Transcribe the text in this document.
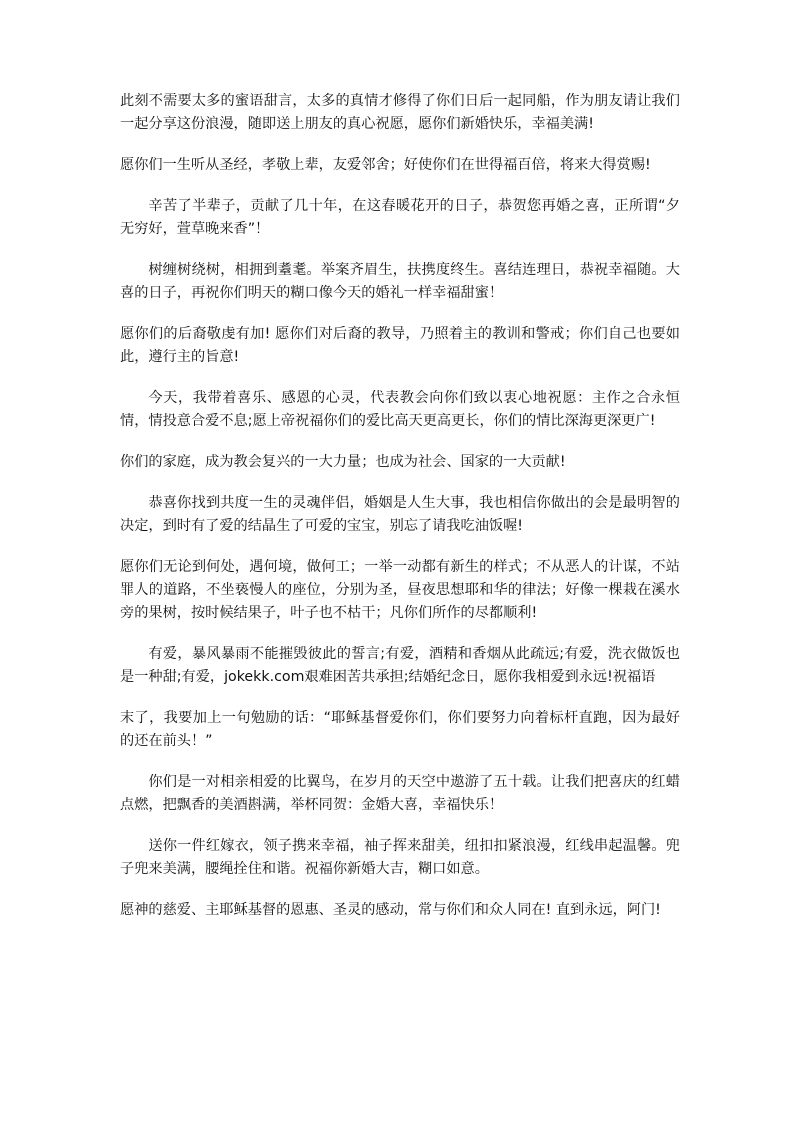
此刻不需要太多的蜜语甜言，太多的真情才修得了你们日后一起同船，作为朋友请让我们一起分享这份浪漫，随即送上朋友的真心祝愿，愿你们新婚快乐，幸福美满!

愿你们一生听从圣经，孝敬上辈，友爱邻舍；好使你们在世得福百倍，将来大得赏赐!

辛苦了半辈子，贡献了几十年，在这春暖花开的日子，恭贺您再婚之喜，正所谓“夕无穷好，萱草晚来香”！

树缠树绕树，相拥到耋耄。举案齐眉生，扶携度终生。喜结连理日，恭祝幸福随。大喜的日子，再祝你们明天的糊口像今天的婚礼一样幸福甜蜜！

愿你们的后裔敬虔有加! 愿你们对后裔的教导，乃照着主的教训和警戒；你们自己也要如此，遵行主的旨意!

今天，我带着喜乐、感恩的心灵，代表教会向你们致以衷心地祝愿：主作之合永恒情，情投意合爱不息;愿上帝祝福你们的爱比高天更高更长，你们的情比深海更深更广!

你们的家庭，成为教会复兴的一大力量；也成为社会、国家的一大贡献!

恭喜你找到共度一生的灵魂伴侣，婚姻是人生大事，我也相信你做出的会是最明智的决定，到时有了爱的结晶生了可爱的宝宝，别忘了请我吃油饭喔!

愿你们无论到何处，遇何境，做何工；一举一动都有新生的样式；不从恶人的计谋，不站罪人的道路，不坐亵慢人的座位，分别为圣，昼夜思想耶和华的律法；好像一棵栽在溪水旁的果树，按时候结果子，叶子也不枯干；凡你们所作的尽都顺利!

有爱，暴风暴雨不能摧毁彼此的誓言;有爱，酒精和香烟从此疏远;有爱，洗衣做饭也是一种甜;有爱，jokekk.com艰难困苦共承担;结婚纪念日，愿你我相爱到永远!祝福语

末了，我要加上一句勉励的话：“耶稣基督爱你们，你们要努力向着标杆直跑，因为最好的还在前头！”

你们是一对相亲相爱的比翼鸟，在岁月的天空中遨游了五十载。让我们把喜庆的红蜡点燃，把飘香的美酒斟满，举杯同贺：金婚大喜，幸福快乐！

送你一件红嫁衣，领子携来幸福，袖子挥来甜美，纽扣扣紧浪漫，红线串起温馨。兜子兜来美满，腰绳拴住和谐。祝福你新婚大吉，糊口如意。

愿神的慈爱、主耶稣基督的恩惠、圣灵的感动，常与你们和众人同在! 直到永远，阿门!
